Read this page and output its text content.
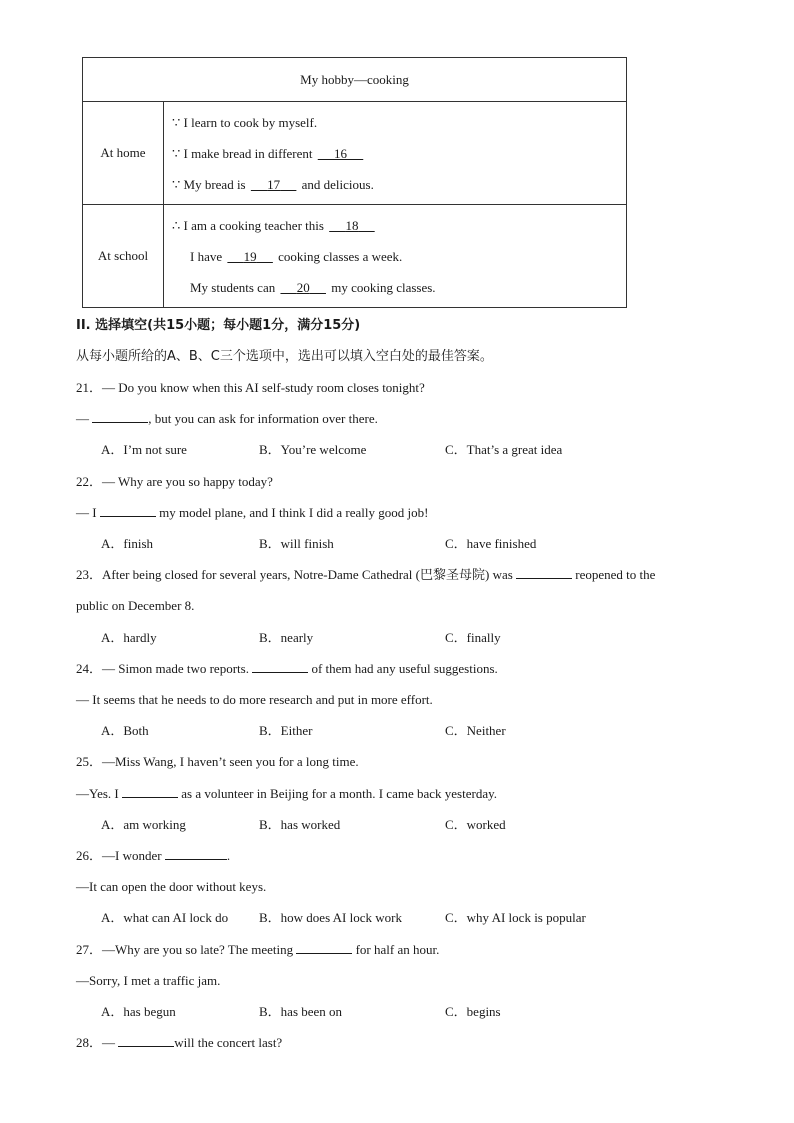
My hobby—cooking	
At home	∵ I learn to cook by myself.
∵ I make bread in different      16
∵ My bread is      17      and delicious.

At school	∴ I am a cooking teacher this      18
I have      19      cooking classes a week.
My students can      20      my cooking classes.
II. 选择填空(共15小题；每小题1分，满分15分)
从每小题所给的A、B、C三个选项中，选出可以填入空白处的最佳答案。
21．— Do you know when this AI self-study room closes tonight?
—	, but you can ask for information over there.
A．I’m not sure	B．You’re welcome	C．That’s a great idea
22．— Why are you so happy today?
— I	my model plane, and I think I did a really good job!
A．finish	B．will finish	C．have finished
23．After being closed for several years, Notre-Dame Cathedral (巴黎圣母院) was	reopened to the
public on December 8.
A．hardly	B．nearly	C．finally
24．— Simon made two reports.	of them had any useful suggestions.
— It seems that he needs to do more research and put in more effort.
A．Both	B．Either	C．Neither
25．—Miss Wang, I haven’t seen you for a long time.
—Yes. I	as a volunteer in Beijing for a month. I came back yesterday.
A．am working	B．has worked	C．worked
26．—I wonder	.
—It can open the door without keys.
A．what can AI lock do B．how does AI lock work	C．why AI lock is popular
27．—Why are you so late? The meeting	for half an hour.
—Sorry, I met a traffic jam.
A．has begun	B．has been on	C．begins
28．—	will the concert last?
